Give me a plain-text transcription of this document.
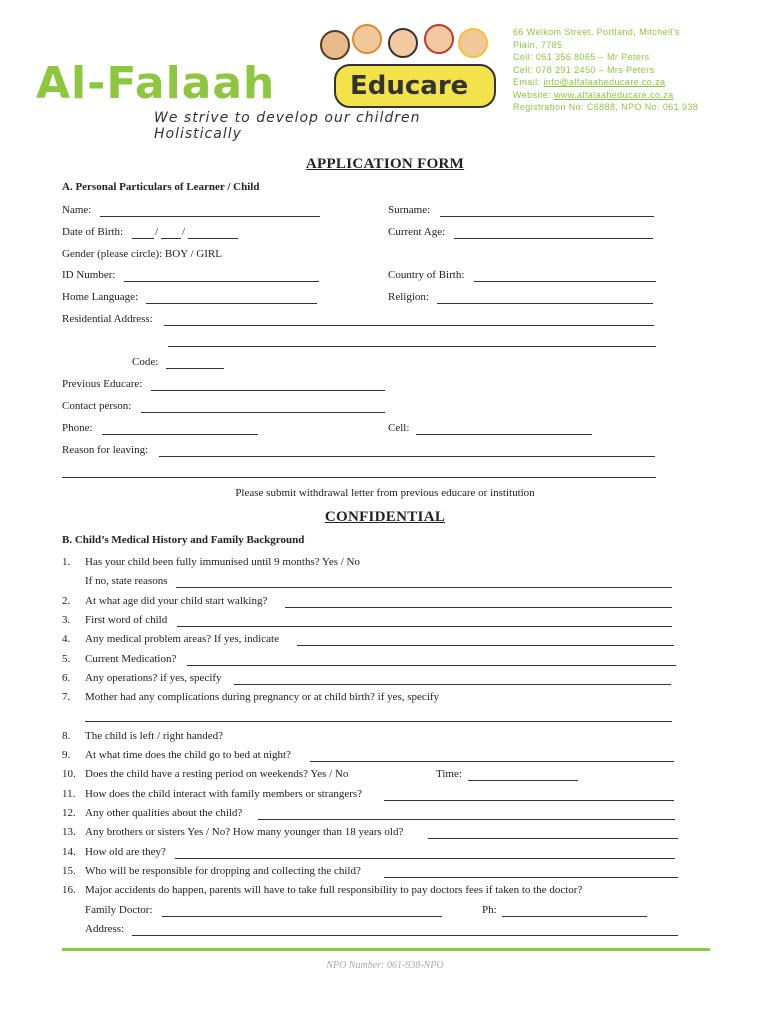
Al-Falaah	Educare
We strive to develop our children Holistically
66 Welkom Street, Portland, Mitchell's
Plain, 7785
Cell: 061 356 8065 – Mr Peters
Cell: 078 291 2450 – Mrs Peters
Email: info@alfalaaheducare.co.za
Website: www.alfalaaheducare.co.za
Registration No: C6888, NPO No: 061 938
APPLICATION FORM
A. Personal Particulars of Learner / Child
Name:	Surname:
Date of Birth:	/ /	Current Age:
Gender (please circle): BOY / GIRL
ID Number:	Country of Birth:
Home Language:	Religion:
Residential Address:
Code:
Previous Educare:
Contact person:
Phone:	Cell:
Reason for leaving:
Please submit withdrawal letter from previous educare or institution
CONFIDENTIAL
B. Child’s Medical History and Family Background
1.	Has your child been fully immunised until 9 months? Yes / No
If no, state reasons
2.	At what age did your child start walking?
3.	First word of child
4.	Any medical problem areas? If yes, indicate
5.	Current Medication?
6.	Any operations? if yes, specify
7.	Mother had any complications during pregnancy or at child birth? if yes, specify
8.	The child is left / right handed?
9.	At what time does the child go to bed at night?
10. Does the child have a resting period on weekends? Yes / No	Time:
11. How does the child interact with family members or strangers?
12. Any other qualities about the child?
13. Any brothers or sisters Yes / No? How many younger than 18 years old?
14. How old are they?
15. Who will be responsible for dropping and collecting the child?
16. Major accidents do happen, parents will have to take full responsibility to pay doctors fees if taken to the doctor?
Family Doctor:	Ph:
Address:
NPO Number: 061-938-NPO
